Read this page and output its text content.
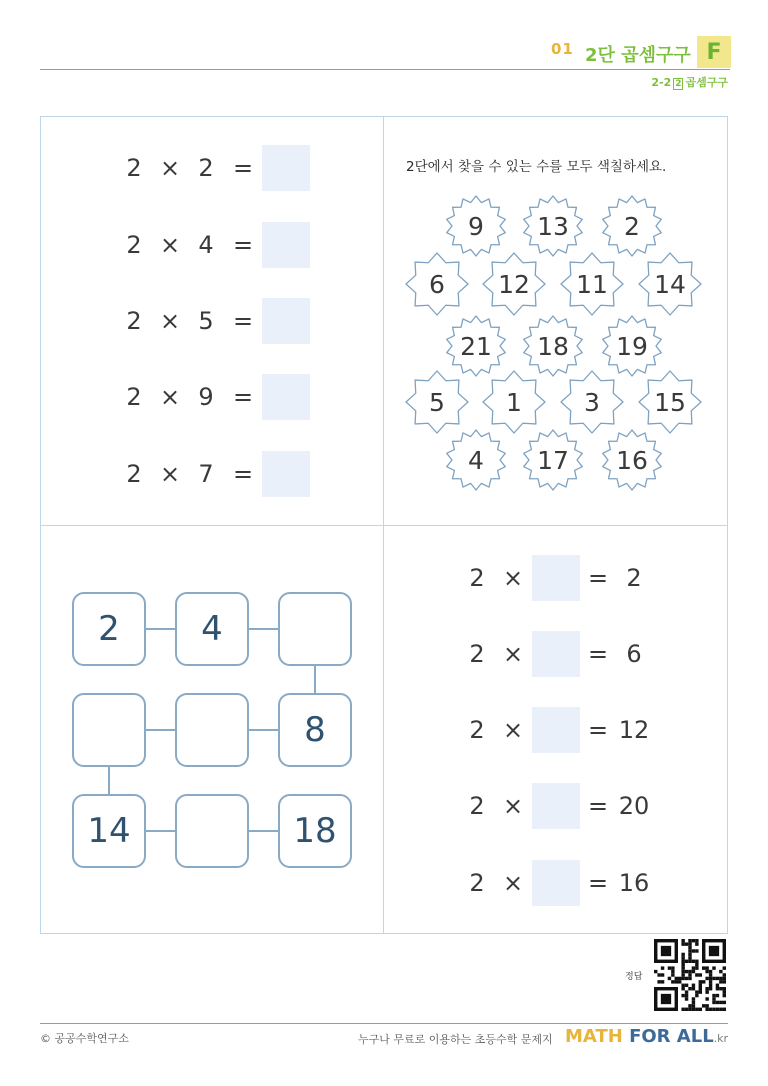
01 2단 곱셈구구 F
2-2 2 곱셈구구
2 × 2 =
2 × 4 =
2 × 5 =
2 × 9 =
2 × 7 =
2단에서 찾을 수 있는 수를 모두 색칠하세요.
9	13	2
6	12	11	14
21	18	19
5	1	3	15
4	17	16
2	4
8
14	18
2 ×	= 2
2 ×	= 6
2 ×	= 12
2 ×	= 20
2 ×	= 16
정답
© 공공수학연구소	누구나 무료로 이용하는 초등수학 문제지 MATH FOR ALL.kr
